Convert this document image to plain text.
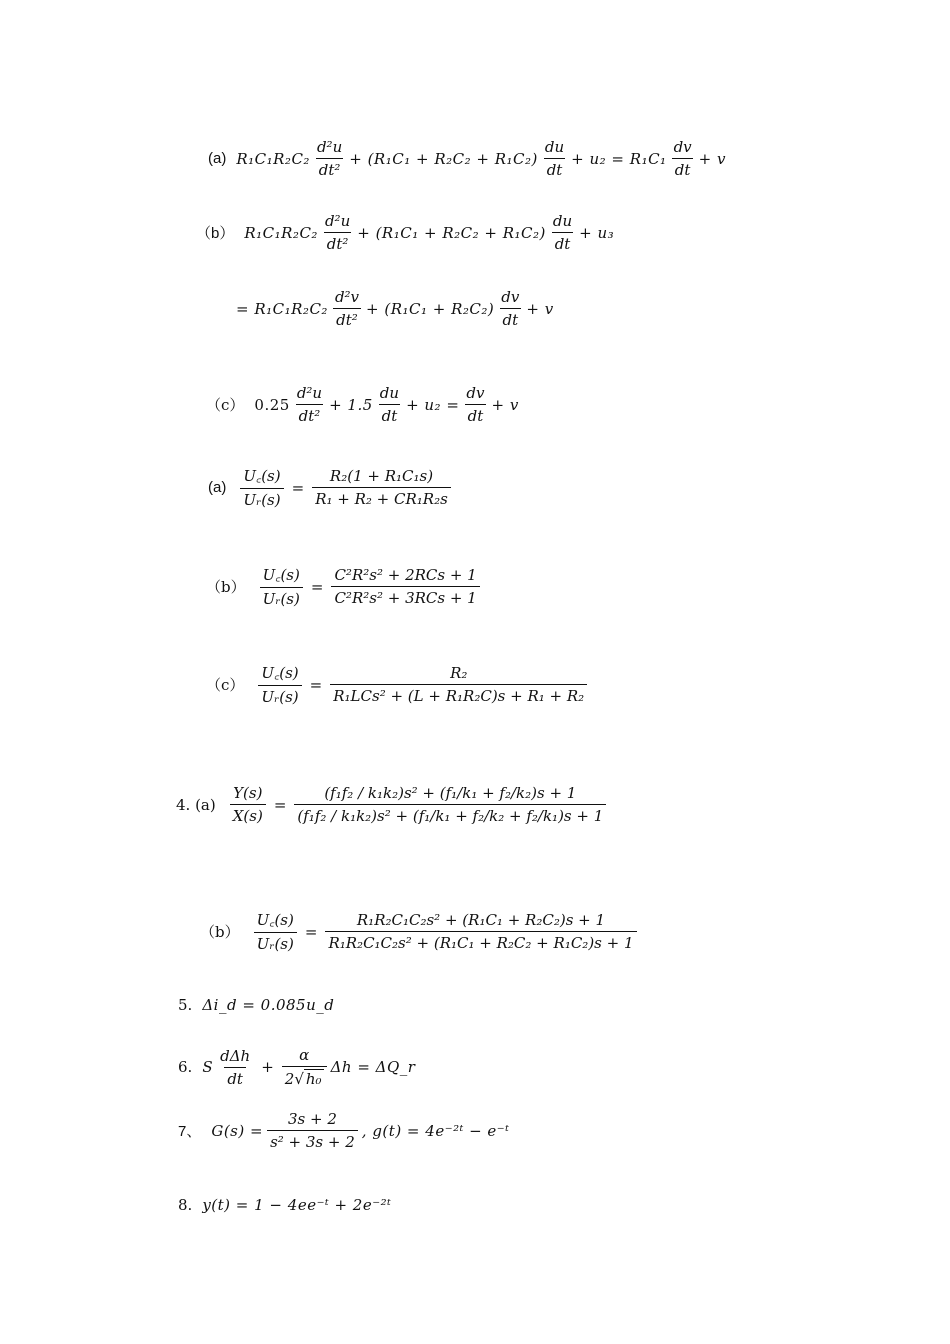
(a) $R_1C_1R_2C_2 \frac{\text{d²u}}{\text{dt²}} + (R_1C_1 + R_2C_2 + R_1C_2) \frac{du}{dt} + u_2 = R_1C_1 \frac{dv}{dt} + v$
（b） $R_1C_1R_2C_2 \frac{\text{d²u}}{\text{dt²}} + (R_1C_1 + R_2C_2 + R_1C_2) \frac{du}{dt} + u_3$
= $R_1C_1R_2C_2 \frac{\text{d²v}}{\text{dt²}} + (R_1C_1 + R_2C_2) \frac{dv}{dt} + v$
（c） $0.25 \frac{\text{d²u}}{\text{dt²}} + 1.5 \frac{du}{dt} + u_2 = \frac{dv}{dt} + v$
$(a) \frac{U꜀(s)}{\text{Uᵣ(s)}} = \frac{\text{R₂(1 + R₁C₁s)}}{\text{R₁ + R₂ + CR₁R₂s}}$
$(b) \frac{U꜀(s)}{\text{Uᵣ(s)}} = \frac{\text{C²R²s² + 2RCs + 1}}{\text{C²R²s² + 3RCs + 1}}$
$(c) \frac{U꜀(s)}{\text{Uᵣ(s)}} = \frac{\text{R₂}}{\text{R₁LCs² + (L + R₁R₂C)s + R₁ + R₂}}$
4. $(a) \frac{Y(s)}{X(s)} = \frac{\text{(f₁f₂ / k₁k₂)s² + (f₁/k₁ + f₂/k₂)s + 1}}{\text{(f₁f₂ / k₁k₂)s² + (f₁/k₁ + f₂/k₂ + f₂/k₁)s + 1}}$
$(b) \frac{U꜀(s)}{\text{Uᵣ(s)}} = \frac{\text{R₁R₂C₁C₂s² + (R₁C₁ + R₂C₂)s + 1}}{\text{R₁R₂C₁C₂s² + (R₁C₁ + R₂C₂ + R₁C₂)s + 1}}$
5. Δi_d = 0.085u_d
6. S $\frac{\text{dΔh}}{dt} + \frac{\alpha}{\text{2√ h₀}}$ Δh = ΔQ_r
7、 $G(s) = \frac{3s + 2}{\text{s² + 3s + 2}}$ , g(t) = 4e⁻²ᵗ − e⁻ᵗ
8. y(t) = 1 − 4ee⁻ᵗ + 2e⁻²ᵗ
